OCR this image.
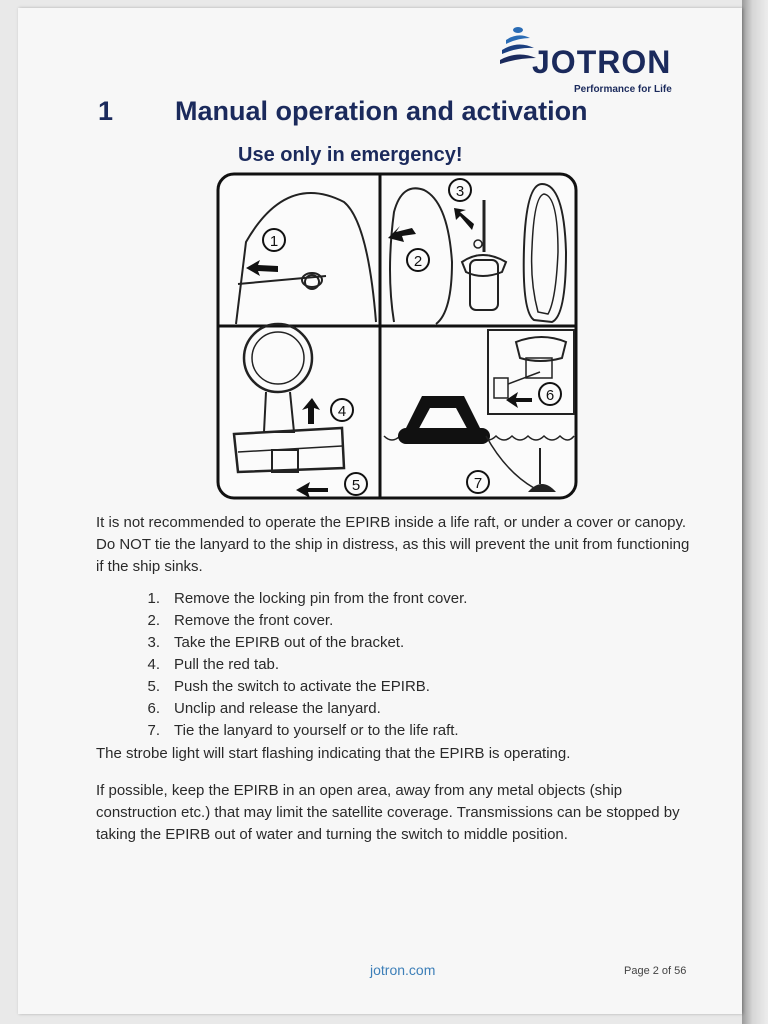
JOTRON
Performance for Life
1 Manual operation and activation
Use only in emergency!
1
2
3
4
5
6
7
It is not recommended to operate the EPIRB inside a life raft, or under a cover or canopy. Do NOT tie the lanyard to the ship in distress, as this will prevent the unit from functioning if the ship sinks.
1. Remove the locking pin from the front cover.
2. Remove the front cover.
3. Take the EPIRB out of the bracket.
4. Pull the red tab.
5. Push the switch to activate the EPIRB.
6. Unclip and release the lanyard.
7. Tie the lanyard to yourself or to the life raft.
The strobe light will start flashing indicating that the EPIRB is operating.
If possible, keep the EPIRB in an open area, away from any metal objects (ship construction etc.) that may limit the satellite coverage. Transmissions can be stopped by taking the EPIRB out of water and turning the switch to middle position.
jotron.com	Page 2 of 56
